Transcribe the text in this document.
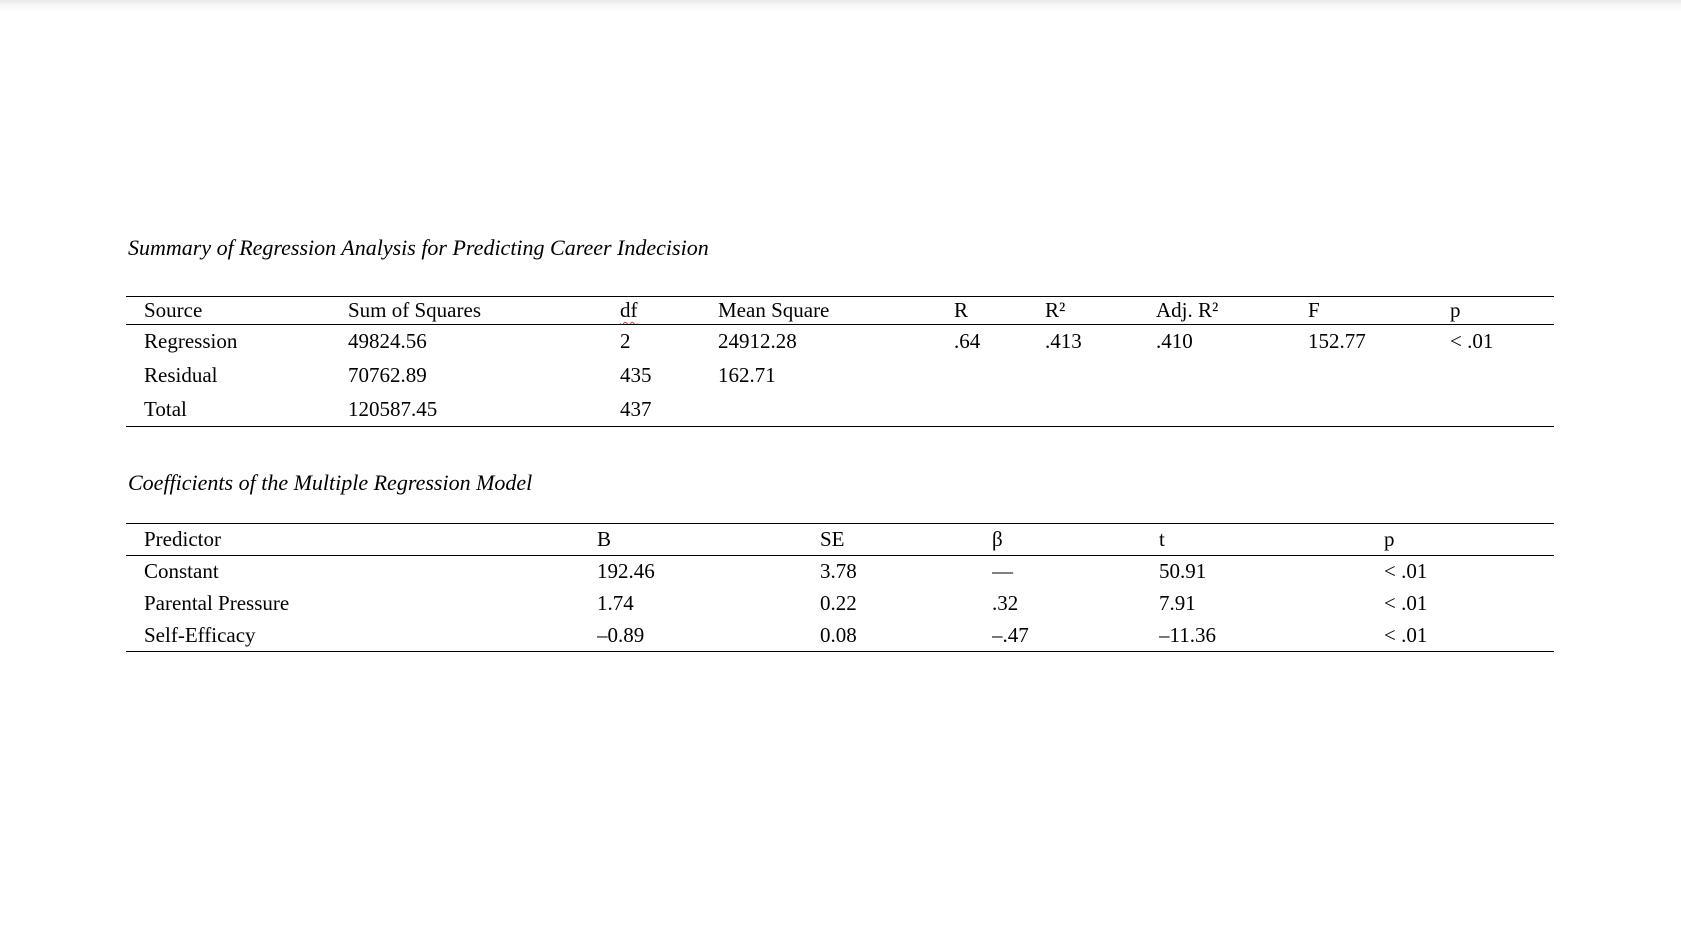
Summary of Regression Analysis for Predicting Career Indecision
Source	Sum of Squares	df	Mean Square	R	R²	Adj. R²	F	p
Regression	49824.56	2	24912.28	.64	.413	.410	152.77	< .01
Residual	70762.89	435	162.71					
Total	120587.45	437						
Coefficients of the Multiple Regression Model
Predictor	B	SE	β	t	p
Constant	192.46	3.78	—	50.91	< .01
Parental Pressure	1.74	0.22	.32	7.91	< .01
Self-Efficacy	–0.89	0.08	–.47	–11.36	< .01
